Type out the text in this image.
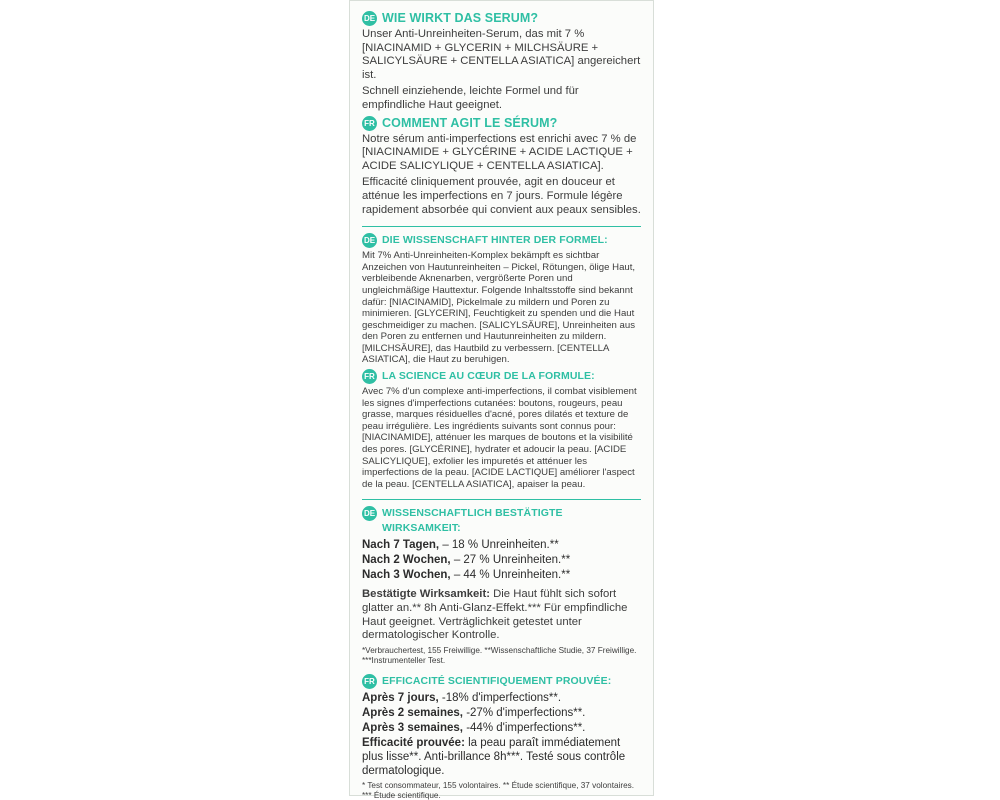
DE WIE WIRKT DAS SERUM?

Unser Anti-Unreinheiten-Serum, das mit 7 % [NIACINAMID + GLYCERIN + MILCHSÄURE + SALICYLSÄURE + CENTELLA ASIATICA] angereichert ist.

Schnell einziehende, leichte Formel und für empfindliche Haut geeignet.

FR COMMENT AGIT LE SÉRUM?

Notre sérum anti-imperfections est enrichi avec 7 % de [NIACINAMIDE + GLYCÉRINE + ACIDE LACTIQUE + ACIDE SALICYLIQUE + CENTELLA ASIATICA].

Efficacité cliniquement prouvée, agit en douceur et atténue les imperfections en 7 jours. Formule légère rapidement absorbée qui convient aux peaux sensibles.

DE DIE WISSENSCHAFT HINTER DER FORMEL:

Mit 7% Anti-Unreinheiten-Komplex bekämpft es sichtbar Anzeichen von Hautunreinheiten – Pickel, Rötungen, ölige Haut, verbleibende Aknenarben, vergrößerte Poren und ungleichmäßige Hauttextur. Folgende Inhaltsstoffe sind bekannt dafür: [NIACINAMID], Pickelmale zu mildern und Poren zu minimieren. [GLYCERIN], Feuchtigkeit zu spenden und die Haut geschmeidiger zu machen. [SALICYLSÄURE], Unreinheiten aus den Poren zu entfernen und Hautunreinheiten zu mildern. [MILCHSÄURE], das Hautbild zu verbessern. [CENTELLA ASIATICA], die Haut zu beruhigen.

FR LA SCIENCE AU CŒUR DE LA FORMULE:

Avec 7% d'un complexe anti-imperfections, il combat visiblement les signes d'imperfections cutanées: boutons, rougeurs, peau grasse, marques résiduelles d'acné, pores dilatés et texture de peau irrégulière. Les ingrédients suivants sont connus pour: [NIACINAMIDE], atténuer les marques de boutons et la visibilité des pores. [GLYCÉRINE], hydrater et adoucir la peau. [ACIDE SALICYLIQUE], exfolier les impuretés et atténuer les imperfections de la peau. [ACIDE LACTIQUE] améliorer l'aspect de la peau. [CENTELLA ASIATICA], apaiser la peau.

DE WISSENSCHAFTLICH BESTÄTIGTE WIRKSAMKEIT:

Nach 7 Tagen, – 18 % Unreinheiten.**

Nach 2 Wochen, – 27 % Unreinheiten.**

Nach 3 Wochen, – 44 % Unreinheiten.**

Bestätigte Wirksamkeit: Die Haut fühlt sich sofort glatter an.** 8h Anti-Glanz-Effekt.*** Für empfindliche Haut geeignet. Verträglichkeit getestet unter dermatologischer Kontrolle.

*Verbrauchertest, 155 Freiwillige. **Wissenschaftliche Studie, 37 Freiwillige. ***Instrumenteller Test.

FR EFFICACITÉ SCIENTIFIQUEMENT PROUVÉE:

Après 7 jours, -18% d'imperfections**.

Après 2 semaines, -27% d'imperfections**.

Après 3 semaines, -44% d'imperfections**.

Efficacité prouvée: la peau paraît immédiatement plus lisse**. Anti-brillance 8h***. Testé sous contrôle dermatologique.

* Test consommateur, 155 volontaires. ** Étude scientifique, 37 volontaires. *** Étude scientifique.
